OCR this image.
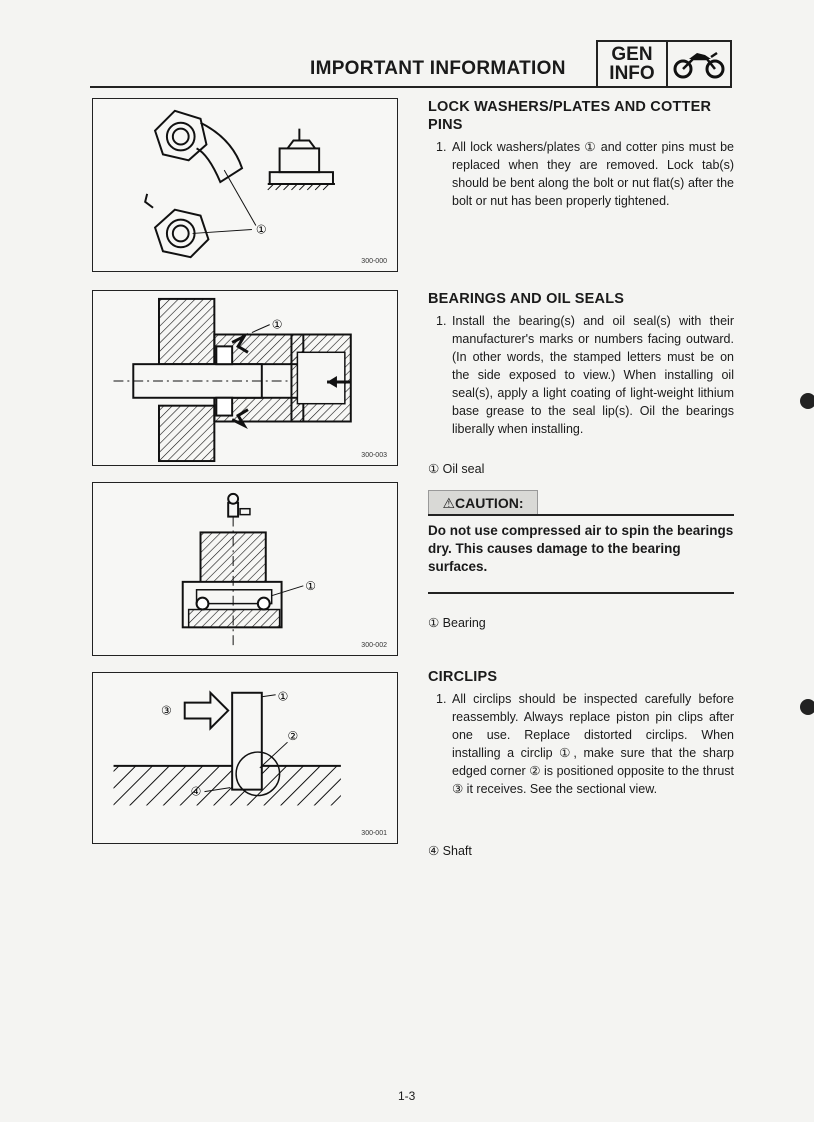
IMPORTANT INFORMATION
GEN
INFO
①
300-000
①
300-003
①
300-002
①
②
③
④
300-001
LOCK WASHERS/PLATES AND COTTER PINS
1. All lock washers/plates ① and cotter pins must be replaced when they are removed. Lock tab(s) should be bent along the bolt or nut flat(s) after the bolt or nut has been properly tightened.
BEARINGS AND OIL SEALS
1. Install the bearing(s) and oil seal(s) with their manufacturer's marks or numbers facing outward. (In other words, the stamped letters must be on the side exposed to view.) When installing oil seal(s), apply a light coating of light-weight lithium base grease to the seal lip(s). Oil the bearings liberally when installing.
① Oil seal
⚠CAUTION:
Do not use compressed air to spin the bearings dry. This causes damage to the bearing surfaces.
① Bearing
CIRCLIPS
1. All circlips should be inspected carefully before reassembly. Always replace piston pin clips after one use. Replace distorted circlips. When installing a circlip ①, make sure that the sharp edged corner ② is positioned opposite to the thrust ③ it receives. See the sectional view.
④ Shaft
1-3
